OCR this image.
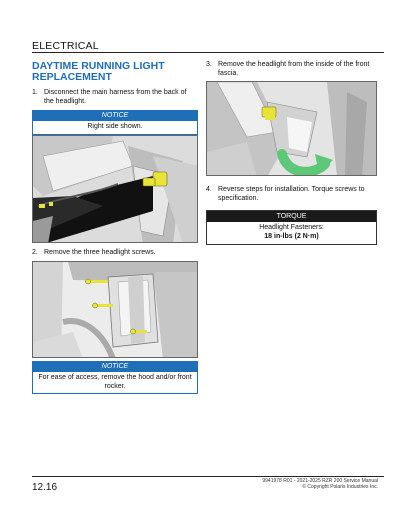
ELECTRICAL
DAYTIME RUNNING LIGHT REPLACEMENT
1. Disconnect the main harness from the back of the headlight.
NOTICE
Right side shown.
2. Remove the three headlight screws.
NOTICE
For ease of access, remove the hood and/or front rocker.
3. Remove the headlight from the inside of the front fascia.
4. Reverse steps for installation. Torque screws to specification.
TORQUE
Headlight Fasteners:
18 in-lbs (2 N·m)
12.16
9941978 R01 - 2021-2025 RZR 200 Service Manual
© Copyright Polaris Industries Inc.
